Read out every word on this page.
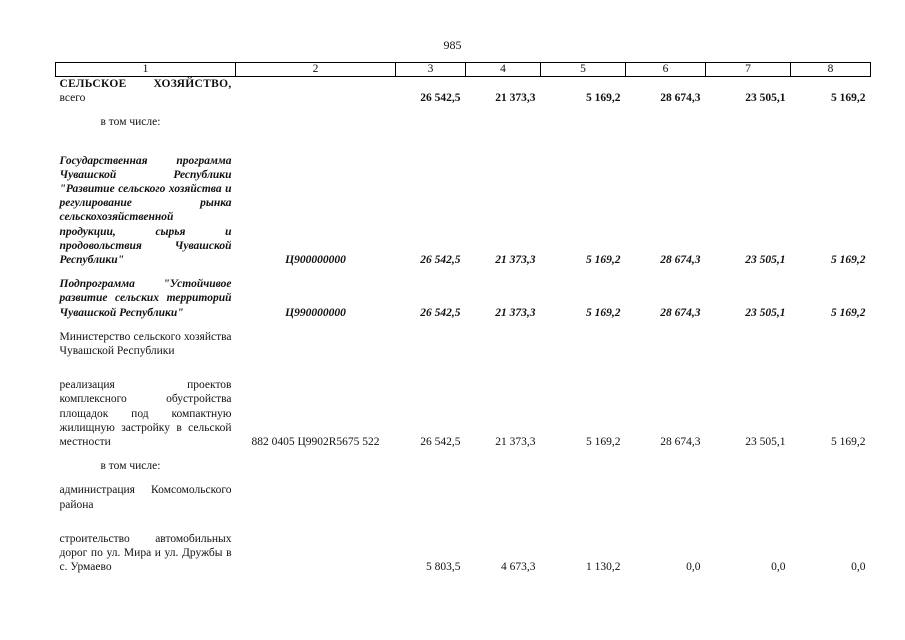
985
1	2	3	4	5	6	7	8

СЕЛЬСКОЕ ХОЗЯЙСТВО,
всего		26 542,5	21 373,3	5 169,2	28 674,3	23 505,1	5 169,2

в том числе:							

Государственная программа Чувашской Республики "Развитие сельского хозяйства и регулирование рынка сельскохозяйственной продукции, сырья и продовольствия Чувашской Республики"	Ц900000000	26 542,5	21 373,3	5 169,2	28 674,3	23 505,1	5 169,2

Подпрограмма "Устойчивое развитие сельских территорий Чувашской Республики"	Ц990000000	26 542,5	21 373,3	5 169,2	28 674,3	23 505,1	5 169,2

Министерство сельского хозяйства Чувашской Республики							

реализация проектов комплексного обустройства площадок под компактную жилищную застройку в сельской местности	882 0405 Ц9902R5675 522	26 542,5	21 373,3	5 169,2	28 674,3	23 505,1	5 169,2

в том числе:							

администрация Комсомольского района							

строительство автомобильных дорог по ул. Мира и ул. Дружбы в с. Урмаево		5 803,5	4 673,3	1 130,2	0,0	0,0	0,0
